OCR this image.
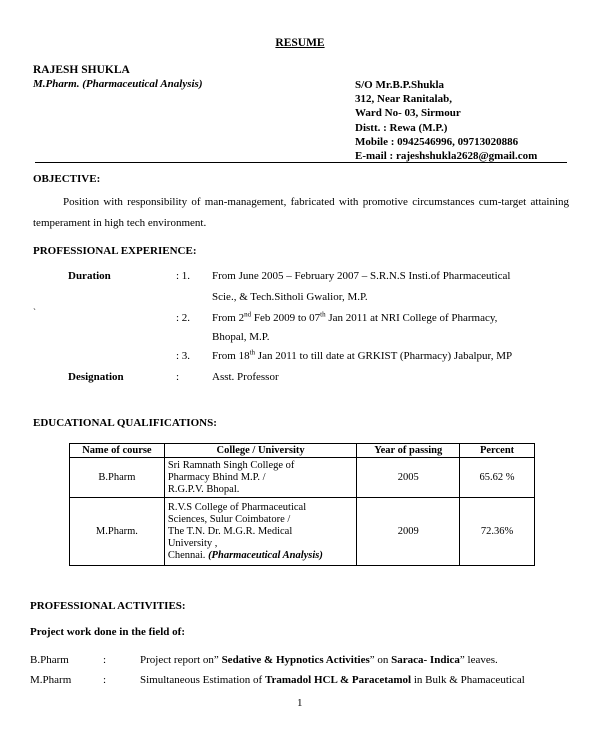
RESUME
RAJESH SHUKLA
M.Pharm. (Pharmaceutical Analysis)	S/O Mr.B.P.Shukla
312, Near Ranitalab,
Ward No- 03, Sirmour
Distt. : Rewa (M.P.)
Mobile : 0942546996, 09713020886
E-mail : rajeshshukla2628@gmail.com
OBJECTIVE:
Position with responsibility of man-management, fabricated with promotive circumstances cum-target attaining temperament in high tech environment.
PROFESSIONAL EXPERIENCE:
Duration	: 1. From June 2005 – February 2007 – S.R.N.S Insti.of Pharmaceutical
Scie., & Tech.Sitholi Gwalior, M.P.
`	: 2. From 2nd Feb 2009 to 07th Jan 2011 at NRI College of Pharmacy,
Bhopal, M.P.
: 3. From 18th Jan 2011 to till date at GRKIST (Pharmacy) Jabalpur, MP
Designation	:	Asst. Professor
EDUCATIONAL QUALIFICATIONS:
Name of course	College / University	Year of passing	Percent
B.Pharm	Sri Ramnath Singh College of
Pharmacy Bhind M.P. /
R.G.P.V. Bhopal.	2005	65.62 %
M.Pharm.	R.V.S College of Pharmaceutical
Sciences, Sulur Coimbatore /
The T.N. Dr. M.G.R. Medical
University ,
Chennai. (Pharmaceutical Analysis)	2009	72.36%
PROFESSIONAL ACTIVITIES:
Project work done in the field of:
B.Pharm	:	Project report on” Sedative & Hypnotics Activities” on Saraca- Indica” leaves.
M.Pharm	:	Simultaneous Estimation of Tramadol HCL & Paracetamol in Bulk & Phamaceutical
1
